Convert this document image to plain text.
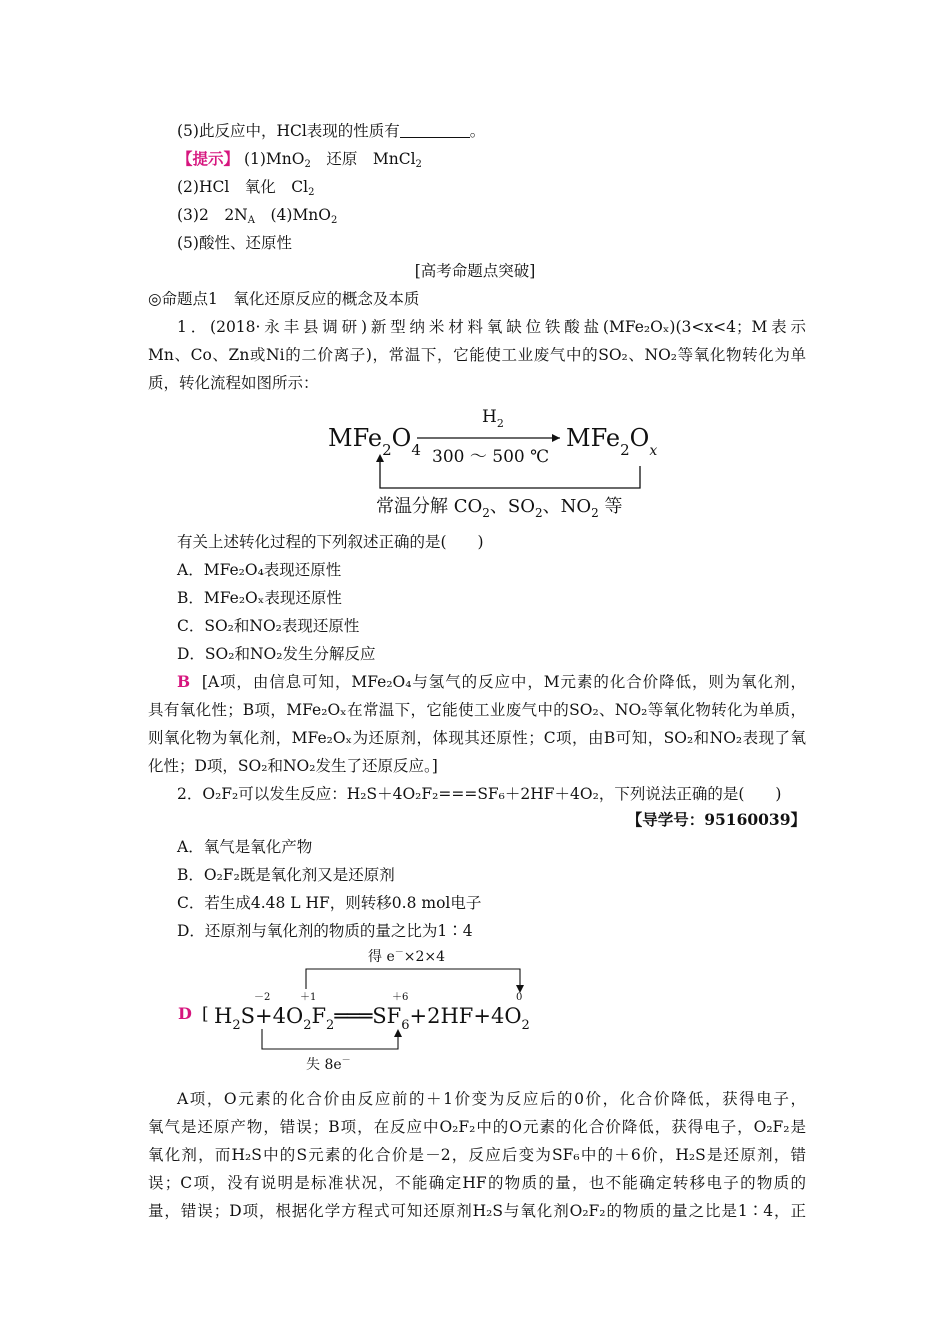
(5)此反应中，HCl表现的性质有	。
【提示】 (1)MnO$_2$　还原　MnCl$_2$
(2)HCl　氧化　$Cl_2$
(3)2　$2N_A$　(4)MnO$_2$
(5)酸性、还原性
[高考命题点突破]
◎命题点1　氧化还原反应的概念及本质
1．(2018·永丰县调研)新型纳米材料氧缺位铁酸盐(MFe₂Oₓ)(3<x<4；M表示
Mn、Co、Zn或Ni的二价离子)，常温下，它能使工业废气中的SO₂、NO₂等氧化物转化为单
质，转化流程如图所示：
$MFe_2O_4$
$H_2$
300 ～ 500 ℃
$MFe_2O_x$
常温分解 $CO_2$、$SO_2$、$NO_2$ 等
有关上述转化过程的下列叙述正确的是(　　)
A．MFe₂O₄表现还原性
B．MFe₂Oₓ表现还原性
C．SO₂和NO₂表现还原性
D．SO₂和NO₂发生分解反应
B [A项，由信息可知，MFe₂O₄与氢气的反应中，M元素的化合价降低，则为氧化剂，
具有氧化性；B项，MFe₂Oₓ在常温下，它能使工业废气中的SO₂、NO₂等氧化物转化为单质，
则氧化物为氧化剂，MFe₂Oₓ为还原剂，体现其还原性；C项，由B可知，SO₂和NO₂表现了氧
化性；D项，SO₂和NO₂发生了还原反应。]
2．O₂F₂可以发生反应：H₂S＋4O₂F₂===SF₆＋2HF＋4O₂，下列说法正确的是(　　)
【导学号：95160039】
A．氧气是氧化产物
B．O₂F₂既是氧化剂又是还原剂
C．若生成4.48 L HF，则转移0.8 mol电子
D．还原剂与氧化剂的物质的量之比为1∶4
D [
得 e－×2×4
－2	＋1	＋6	0
$H_2S+4O_2F_2═══SF_6+2HF+4O_2$
失 8e－
A项，O元素的化合价由反应前的＋1价变为反应后的0价，化合价降低，获得电子，
氧气是还原产物，错误；B项，在反应中O₂F₂中的O元素的化合价降低，获得电子，O₂F₂是
氧化剂，而H₂S中的S元素的化合价是－2，反应后变为SF₆中的＋6价，H₂S是还原剂，错
误；C项，没有说明是标准状况，不能确定HF的物质的量，也不能确定转移电子的物质的
量，错误；D项，根据化学方程式可知还原剂H₂S与氧化剂O₂F₂的物质的量之比是1∶4，正
